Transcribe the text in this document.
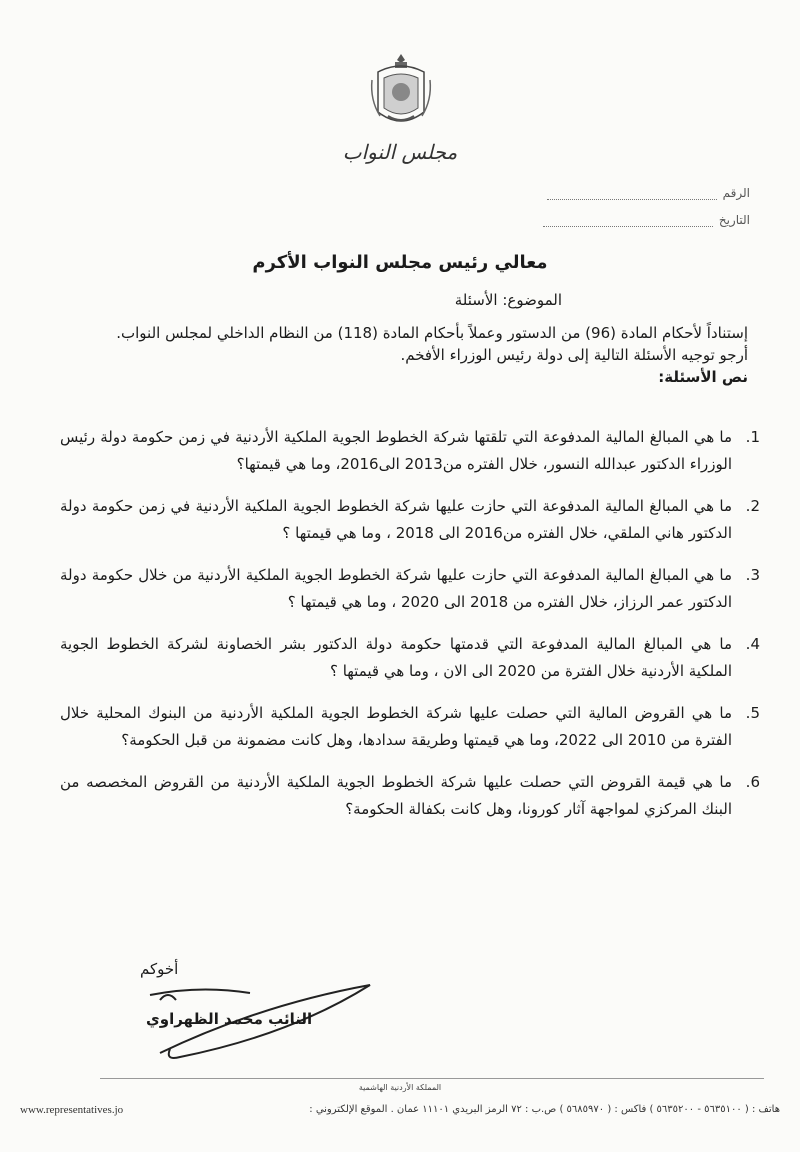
مجلس النواب
الرقم
التاريخ
معالي رئيس مجلس النواب الأكرم
الموضوع: الأسئلة

إستناداً لأحكام المادة (96) من الدستور وعملاً بأحكام المادة (118) من النظام الداخلي لمجلس النواب.

أرجو توجيه الأسئلة التالية إلى دولة رئيس الوزراء الأفخم.

نص الأسئلة:

1.
ما هي المبالغ المالية المدفوعة التي تلقتها شركة الخطوط الجوية الملكية الأردنية في زمن حكومة دولة رئيس الوزراء الدكتور عبدالله النسور، خلال الفتره من2013 الى2016، وما هي قيمتها؟
2.
ما هي المبالغ المالية المدفوعة التي حازت عليها شركة الخطوط الجوية الملكية الأردنية في زمن حكومة دولة الدكتور هاني الملقي، خلال الفتره من2016 الى 2018 ، وما هي قيمتها ؟
3.
ما هي المبالغ المالية المدفوعة التي حازت عليها شركة الخطوط الجوية الملكية الأردنية من خلال حكومة دولة الدكتور عمر الرزاز، خلال الفتره من 2018 الى 2020 ، وما هي قيمتها ؟
4.
ما هي المبالغ المالية المدفوعة التي قدمتها حكومة دولة الدكتور بشر الخصاونة لشركة الخطوط الجوية الملكية الأردنية خلال الفترة من 2020 الى الان ، وما هي قيمتها ؟
5.
ما هي القروض المالية التي حصلت عليها شركة الخطوط الجوية الملكية الأردنية من البنوك المحلية خلال الفترة من 2010 الى 2022، وما هي قيمتها وطريقة سدادها، وهل كانت مضمونة من قبل الحكومة؟
6.
ما هي قيمة القروض التي حصلت عليها شركة الخطوط الجوية الملكية الأردنية من القروض المخصصه من البنك المركزي لمواجهة آثار كورونا، وهل كانت بكفالة الحكومة؟
أخوكم
النائب محمد الظهراوي
المملكة الأردنية الهاشمية
هاتف : ( ٥٦٣٥١٠٠ - ٥٦٣٥٢٠٠ ) فاكس : ( ٥٦٨٥٩٧٠ ) ص.ب : ٧٢ الرمز البريدي ١١١٠١ عمان . الموقع الإلكتروني :
www.representatives.jo
